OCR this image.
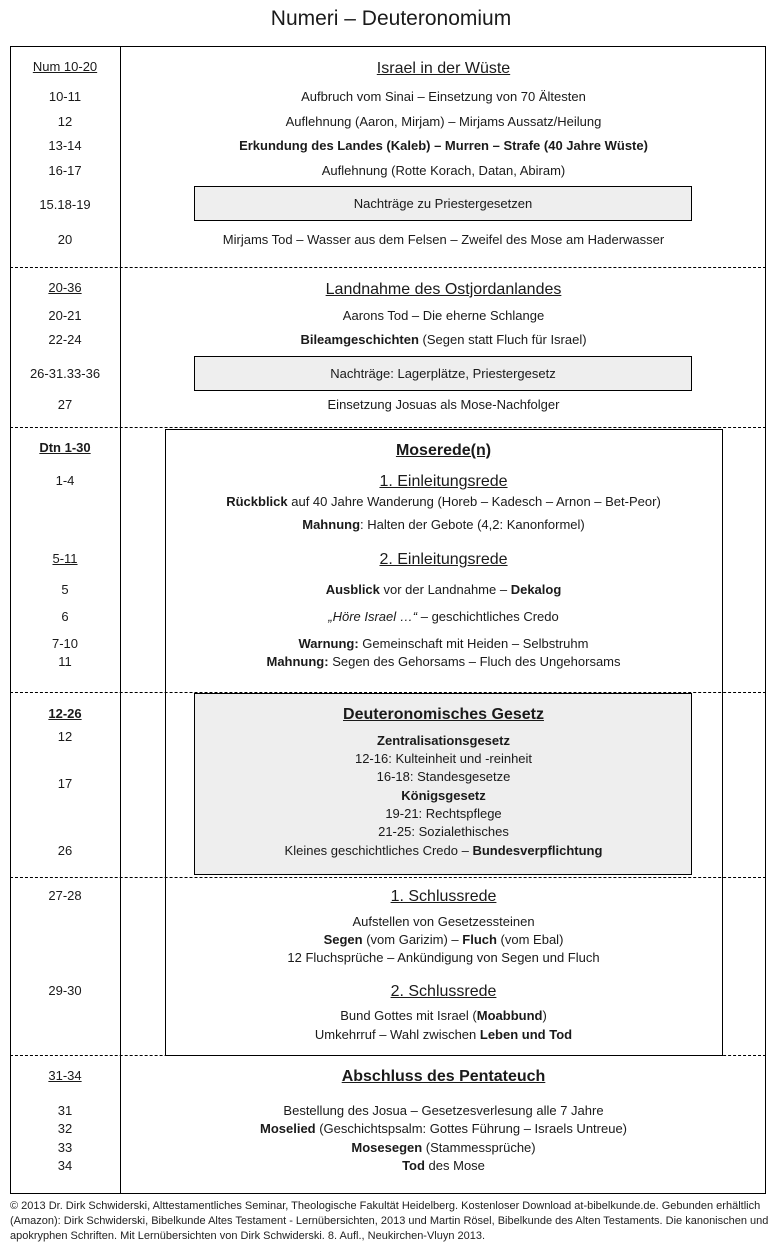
Numeri – Deuteronomium
Num 10-20	Israel in der Wüste
10-11	Aufbruch vom Sinai – Einsetzung von 70 Ältesten
12	Auflehnung (Aaron, Mirjam) – Mirjams Aussatz/Heilung
13-14	Erkundung des Landes (Kaleb) – Murren – Strafe (40 Jahre Wüste)
16-17	Auflehnung (Rotte Korach, Datan, Abiram)
15.18-19	Nachträge zu Priestergesetzen
20	Mirjams Tod – Wasser aus dem Felsen – Zweifel des Mose am Haderwasser
20-36	Landnahme des Ostjordanlandes
20-21	Aarons Tod – Die eherne Schlange
22-24	Bileamgeschichten (Segen statt Fluch für Israel)
26-31.33-36	Nachträge: Lagerplätze, Priestergesetz
27	Einsetzung Josuas als Mose-Nachfolger
Dtn 1-30	Moserede(n)
1-4	1. Einleitungsrede
Rückblick auf 40 Jahre Wanderung (Horeb – Kadesch – Arnon – Bet-Peor)
Mahnung: Halten der Gebote (4,2: Kanonformel)
5-11	2. Einleitungsrede
5	Ausblick vor der Landnahme – Dekalog
6	„Höre Israel …“ – geschichtliches Credo
7-10	Warnung: Gemeinschaft mit Heiden – Selbstruhm
11	Mahnung: Segen des Gehorsams – Fluch des Ungehorsams
12-26	Deuteronomisches Gesetz
12	Zentralisationsgesetz
12-16: Kulteinheit und -reinheit
17	16-18: Standesgesetze
Königsgesetz
19-21: Rechtspflege
21-25: Sozialethisches
26	Kleines geschichtliches Credo – Bundesverpflichtung
27-28	1. Schlussrede
Aufstellen von Gesetzessteinen
Segen (vom Garizim) – Fluch (vom Ebal)
12 Fluchsprüche – Ankündigung von Segen und Fluch
29-30	2. Schlussrede
Bund Gottes mit Israel (Moabbund)
Umkehrruf – Wahl zwischen Leben und Tod
31-34	Abschluss des Pentateuch
31	Bestellung des Josua – Gesetzesverlesung alle 7 Jahre
32	Moselied (Geschichtspsalm: Gottes Führung – Israels Untreue)
33	Mosesegen (Stammessprüche)
34	Tod des Mose
© 2013 Dr. Dirk Schwiderski, Alttestamentliches Seminar, Theologische Fakultät Heidelberg. Kostenloser Download at-bibelkunde.de. Gebunden erhältlich (Amazon): Dirk Schwiderski, Bibelkunde Altes Testament - Lernübersichten, 2013 und Martin Rösel, Bibelkunde des Alten Testaments. Die kanonischen und apokryphen Schriften. Mit Lernübersichten von Dirk Schwiderski. 8. Aufl., Neukirchen-Vluyn 2013.
